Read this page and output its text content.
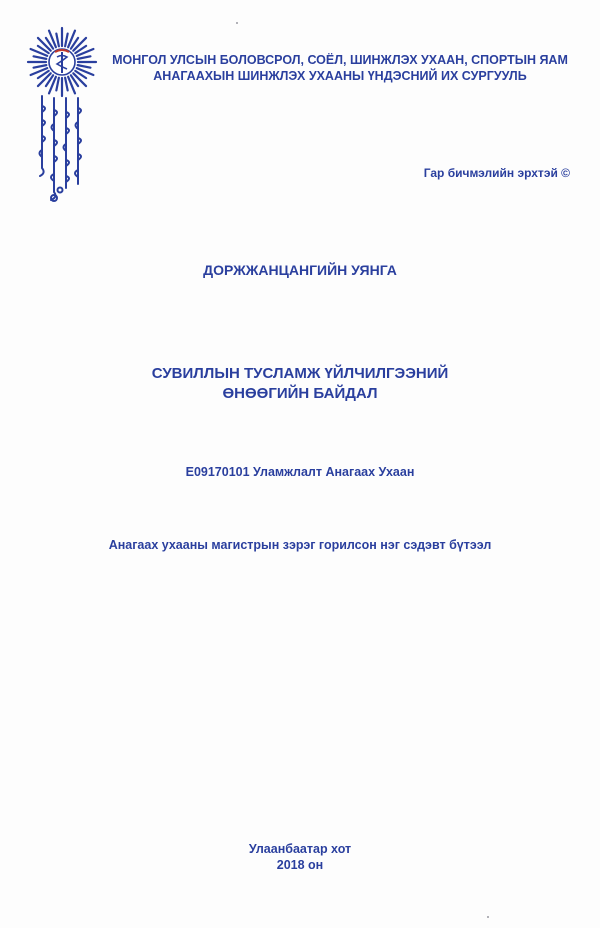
МОНГОЛ УЛСЫН БОЛОВСРОЛ, СОЁЛ, ШИНЖЛЭХ УХААН, СПОРТЫН ЯАМ
АНАГААХЫН ШИНЖЛЭХ УХААНЫ ҮНДЭСНИЙ ИХ СУРГУУЛЬ
Гар бичмэлийн эрхтэй ©
ДОРЖЖАНЦАНГИЙН УЯНГА
СУВИЛЛЫН ТУСЛАМЖ ҮЙЛЧИЛГЭЭНИЙ
ӨНӨӨГИЙН БАЙДАЛ
E09170101 Уламжлалт Анагаах Ухаан
Анагаах ухааны магистрын зэрэг горилсон нэг сэдэвт бүтээл
Улаанбаатар хот
2018 он
